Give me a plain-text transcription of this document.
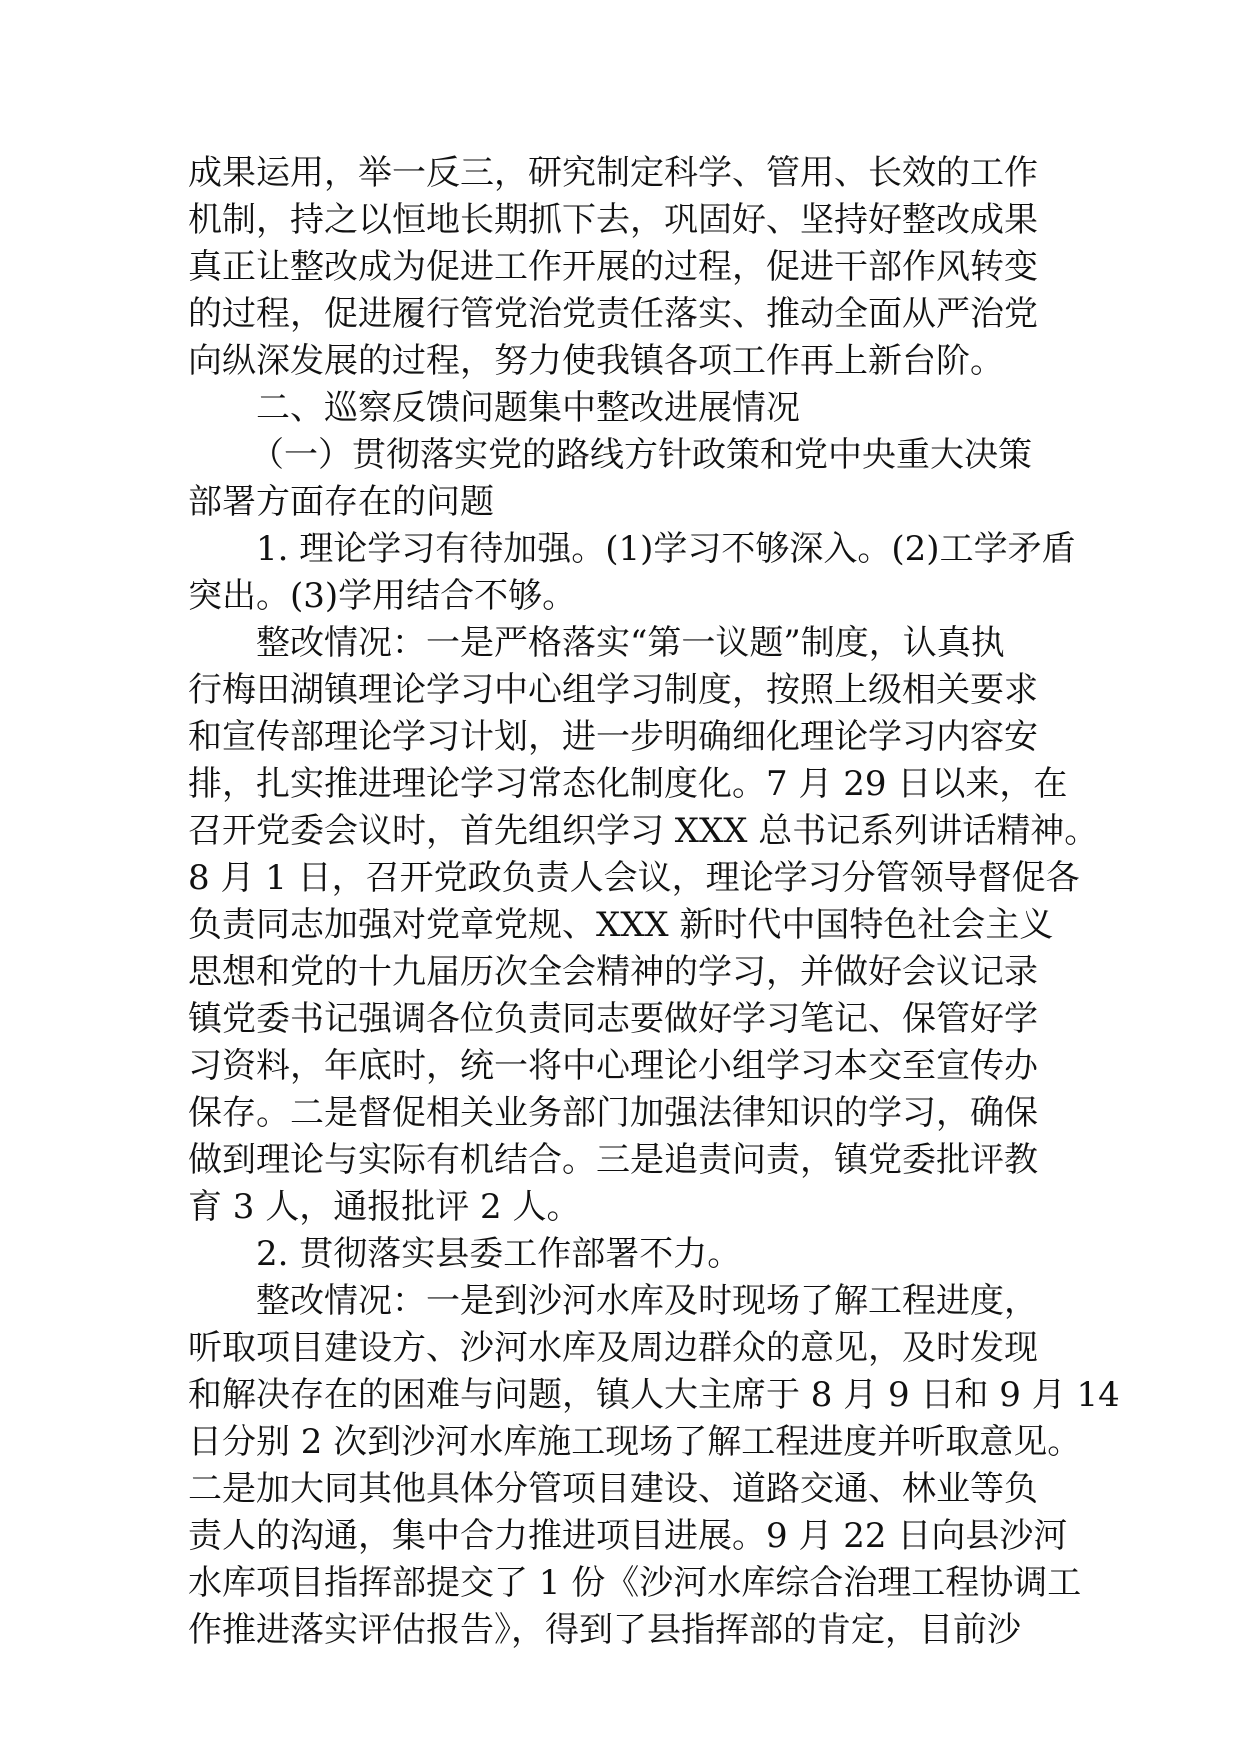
成果运用，举一反三，研究制定科学、管用、长效的工作
机制，持之以恒地长期抓下去，巩固好、坚持好整改成果
真正让整改成为促进工作开展的过程，促进干部作风转变
的过程，促进履行管党治党责任落实、推动全面从严治党
向纵深发展的过程，努力使我镇各项工作再上新台阶。
二、巡察反馈问题集中整改进展情况
（一）贯彻落实党的路线方针政策和党中央重大决策
部署方面存在的问题
1. 理论学习有待加强。(1)学习不够深入。(2)工学矛盾
突出。(3)学用结合不够。
整改情况：一是严格落实“第一议题”制度，认真执
行梅田湖镇理论学习中心组学习制度，按照上级相关要求
和宣传部理论学习计划，进一步明确细化理论学习内容安
排，扎实推进理论学习常态化制度化。7 月 29 日以来，在
召开党委会议时，首先组织学习 XXX 总书记系列讲话精神。
8 月 1 日，召开党政负责人会议，理论学习分管领导督促各
负责同志加强对党章党规、XXX 新时代中国特色社会主义
思想和党的十九届历次全会精神的学习，并做好会议记录
镇党委书记强调各位负责同志要做好学习笔记、保管好学
习资料，年底时，统一将中心理论小组学习本交至宣传办
保存。二是督促相关业务部门加强法律知识的学习，确保
做到理论与实际有机结合。三是追责问责，镇党委批评教
育 3 人，通报批评 2 人。
2. 贯彻落实县委工作部署不力。
整改情况：一是到沙河水库及时现场了解工程进度，
听取项目建设方、沙河水库及周边群众的意见，及时发现
和解决存在的困难与问题，镇人大主席于 8 月 9 日和 9 月 14
日分别 2 次到沙河水库施工现场了解工程进度并听取意见。
二是加大同其他具体分管项目建设、道路交通、林业等负
责人的沟通，集中合力推进项目进展。9 月 22 日向县沙河
水库项目指挥部提交了 1 份《沙河水库综合治理工程协调工
作推进落实评估报告》，得到了县指挥部的肯定，目前沙
